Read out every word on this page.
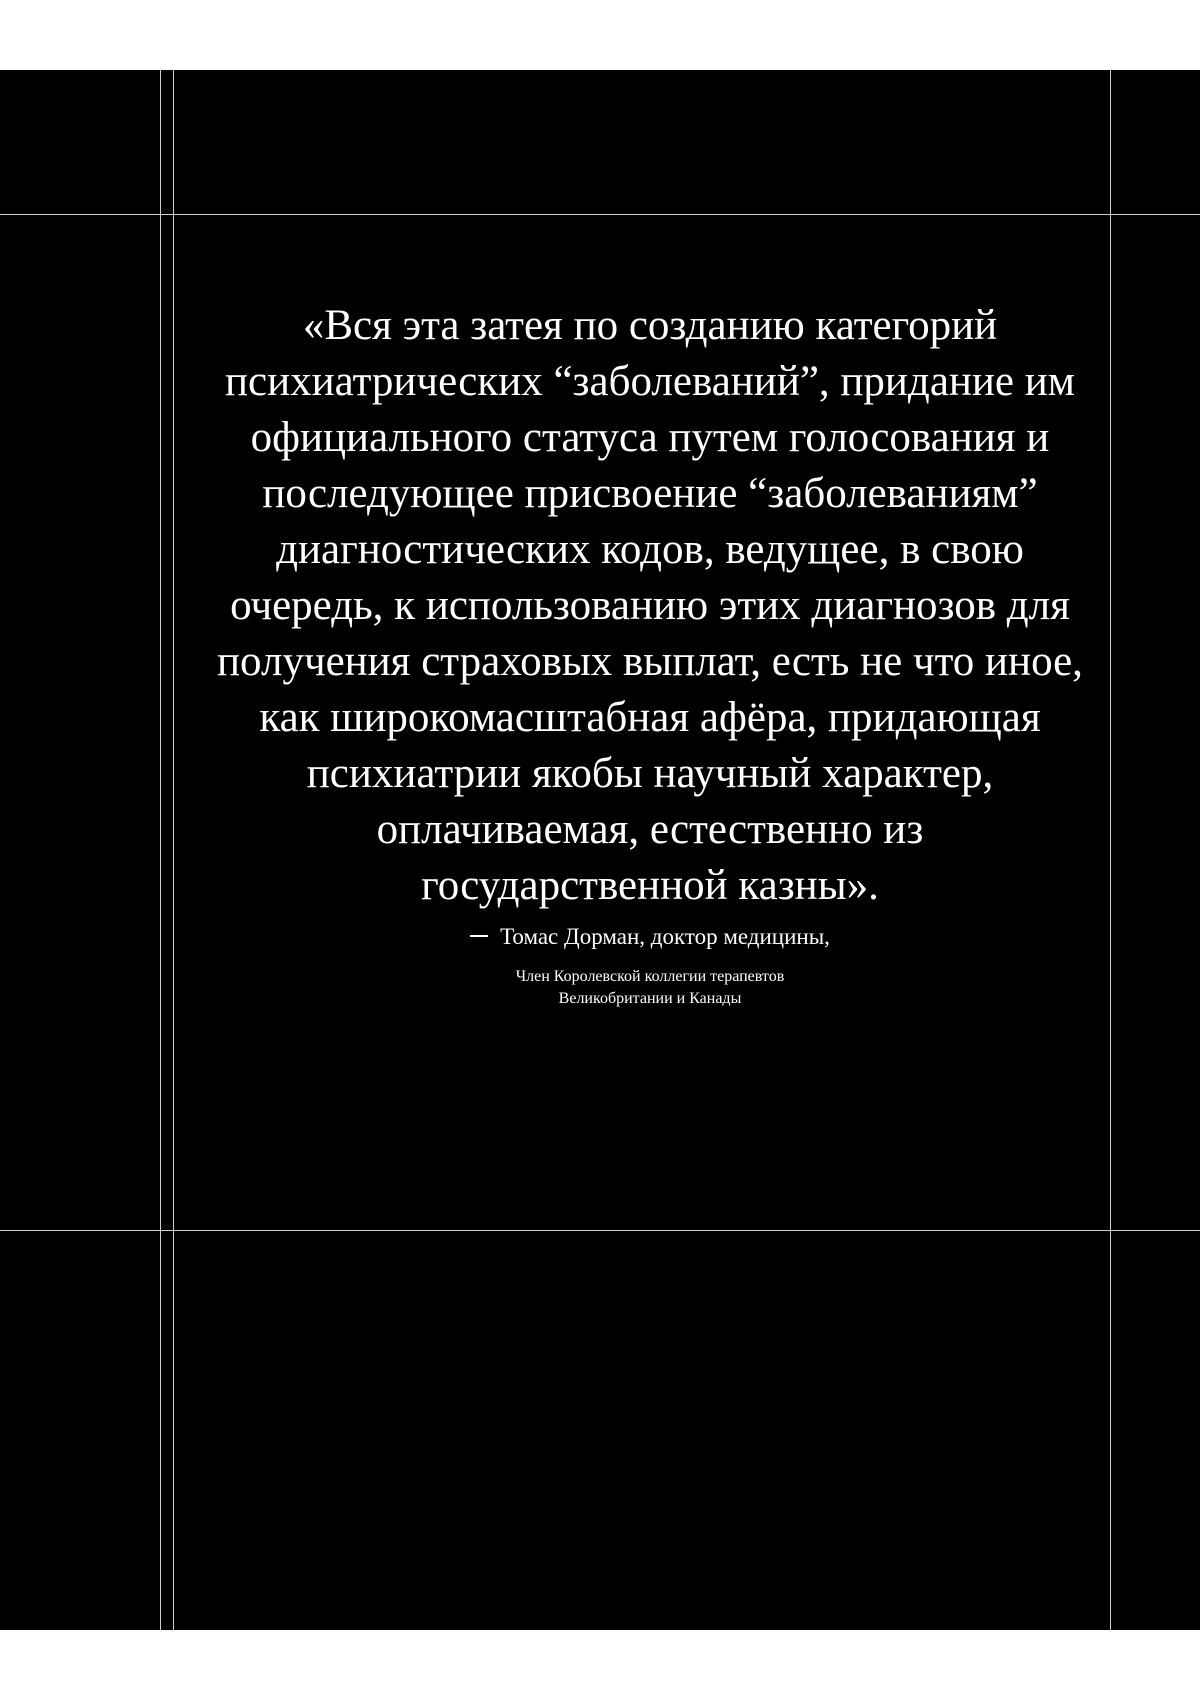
«Вся эта затея по созданию категорий
психиатрических “заболеваний”, придание им
официального статуса путем голосования и
последующее присвоение “заболеваниям”
диагностических кодов, ведущее, в свою
очередь, к использованию этих диагнозов для
получения страховых выплат, есть не что иное,
как широкомасштабная афёра, придающая
психиатрии якобы научный характер,
оплачиваемая, естественно из
государственной казны».
Томас Дорман, доктор медицины,
Член Королевской коллегии терапевтов
Великобритании и Канады
